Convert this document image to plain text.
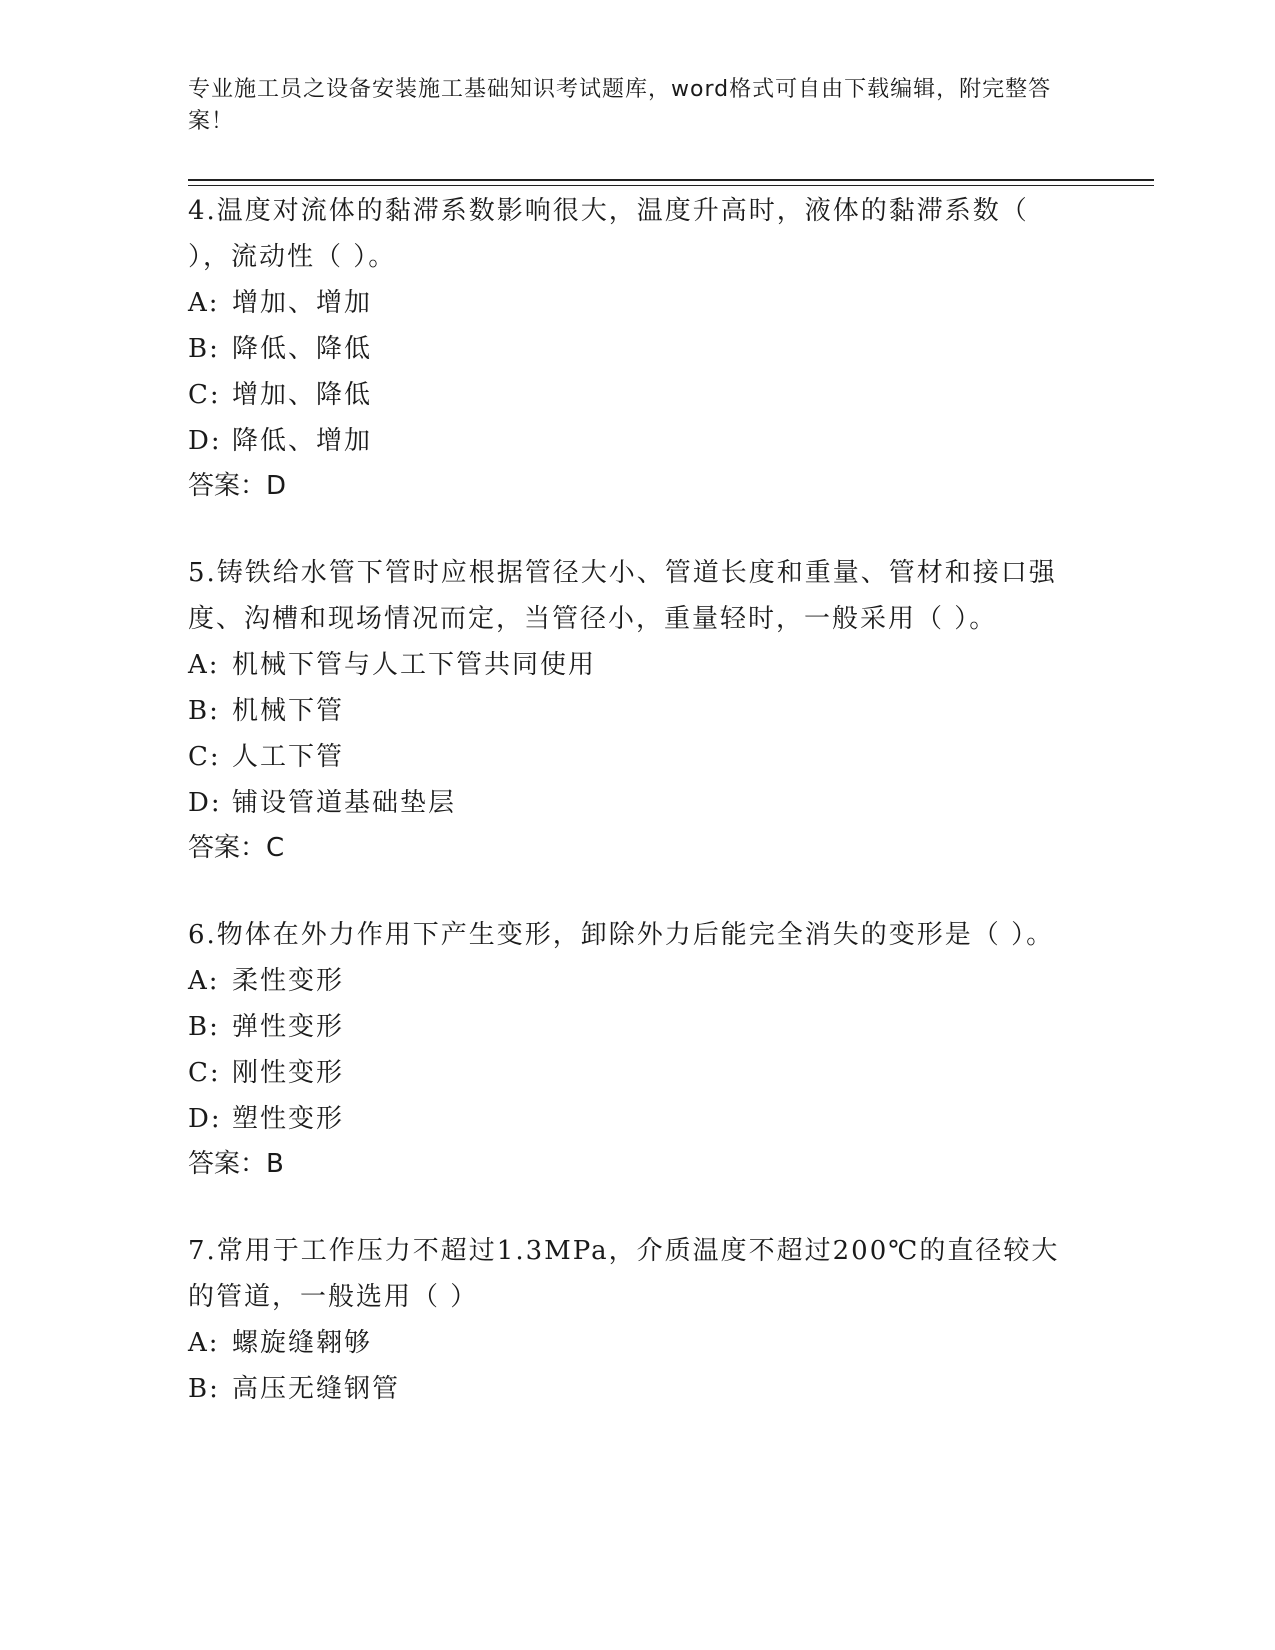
专业施工员之设备安装施工基础知识考试题库，word格式可自由下载编辑，附完整答案！
4.温度对流体的黏滞系数影响很大，温度升高时，液体的黏滞系数（ ），流动性（ ）。
A: 增加、增加
B: 降低、降低
C: 增加、降低
D: 降低、增加
答案：D
5.铸铁给水管下管时应根据管径大小、管道长度和重量、管材和接口强度、沟槽和现场情况而定，当管径小，重量轻时，一般采用（ ）。
A: 机械下管与人工下管共同使用
B: 机械下管
C: 人工下管
D: 铺设管道基础垫层
答案：C
6.物体在外力作用下产生变形，卸除外力后能完全消失的变形是（ ）。
A: 柔性变形
B: 弹性变形
C: 刚性变形
D: 塑性变形
答案：B
7.常用于工作压力不超过1.3MPa，介质温度不超过200℃的直径较大的管道，一般选用（ ）
A: 螺旋缝翱够
B: 高压无缝钢管
